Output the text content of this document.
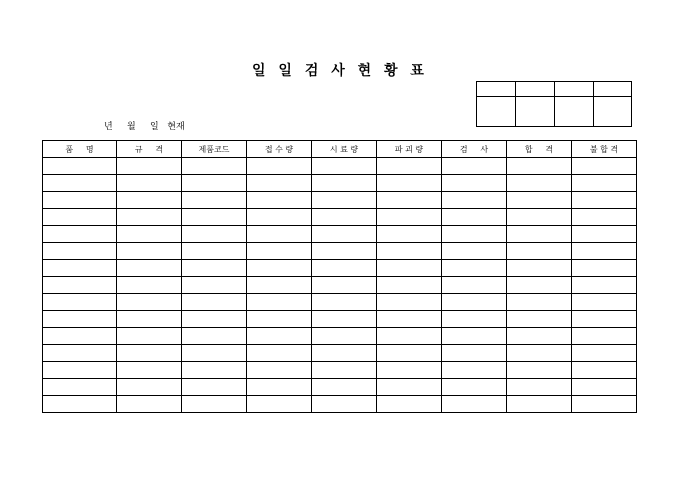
일 일 검 사 현 황 표

년     월     일   현재
품     명	규     격	제품코드	접 수 량	시 료 량	파 괴 량	검     사	합     격	불 합 격
